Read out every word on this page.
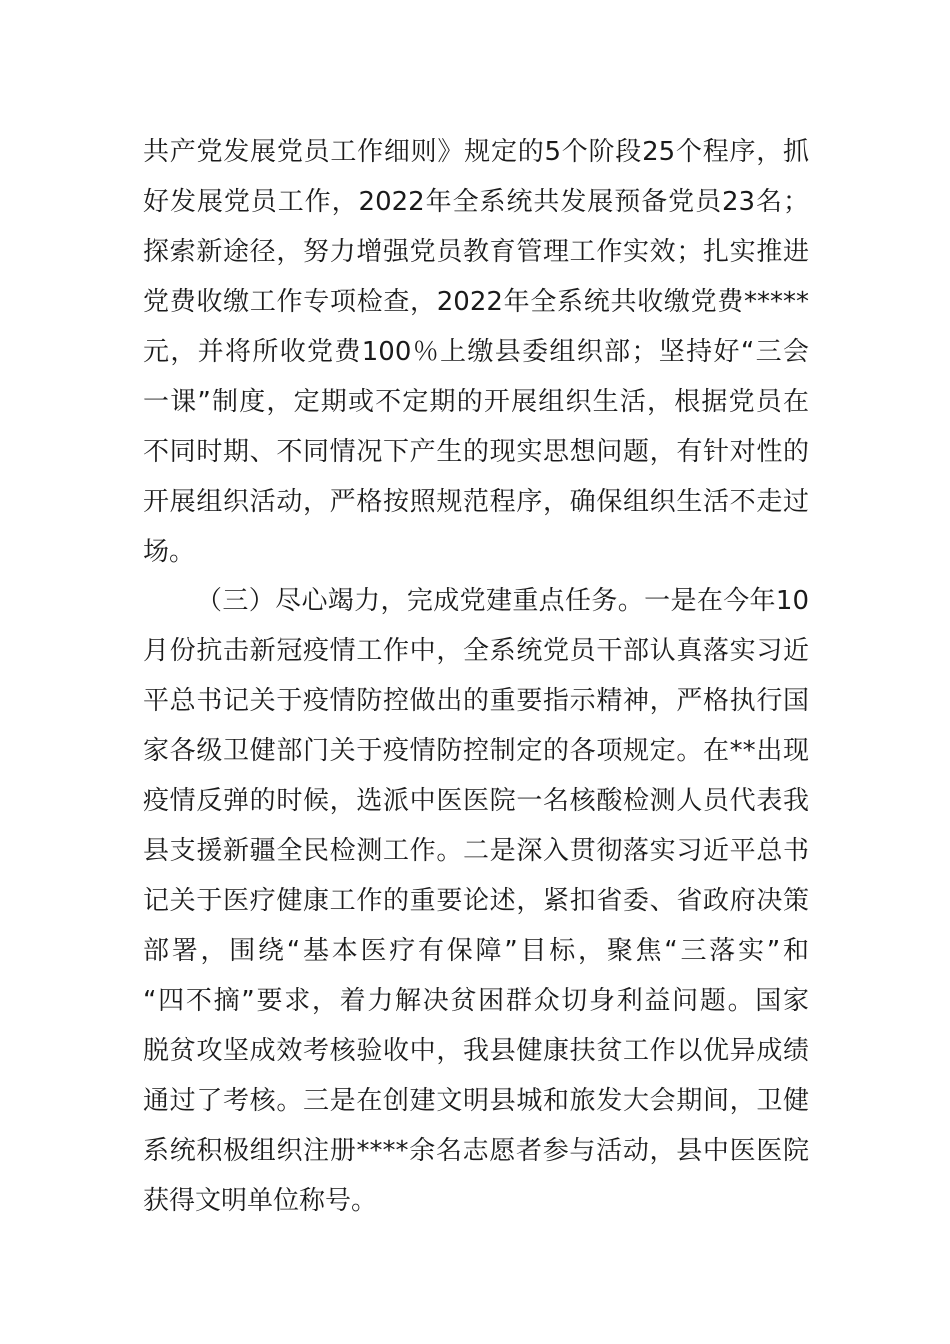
共产党发展党员工作细则》规定的5个阶段25个程序，抓
好发展党员工作，2022年全系统共发展预备党员23名；
探索新途径，努力增强党员教育管理工作实效；扎实推进
党费收缴工作专项检查，2022年全系统共收缴党费*****
元，并将所收党费100％上缴县委组织部；坚持好“三会
一课”制度，定期或不定期的开展组织生活，根据党员在
不同时期、不同情况下产生的现实思想问题，有针对性的
开展组织活动，严格按照规范程序，确保组织生活不走过
场。
（三）尽心竭力，完成党建重点任务。一是在今年10
月份抗击新冠疫情工作中，全系统党员干部认真落实习近
平总书记关于疫情防控做出的重要指示精神，严格执行国
家各级卫健部门关于疫情防控制定的各项规定。在**出现
疫情反弹的时候，选派中医医院一名核酸检测人员代表我
县支援新疆全民检测工作。二是深入贯彻落实习近平总书
记关于医疗健康工作的重要论述，紧扣省委、省政府决策
部署，围绕“基本医疗有保障”目标，聚焦“三落实”和
“四不摘”要求，着力解决贫困群众切身利益问题。国家
脱贫攻坚成效考核验收中，我县健康扶贫工作以优异成绩
通过了考核。三是在创建文明县城和旅发大会期间，卫健
系统积极组织注册****余名志愿者参与活动，县中医医院
获得文明单位称号。
